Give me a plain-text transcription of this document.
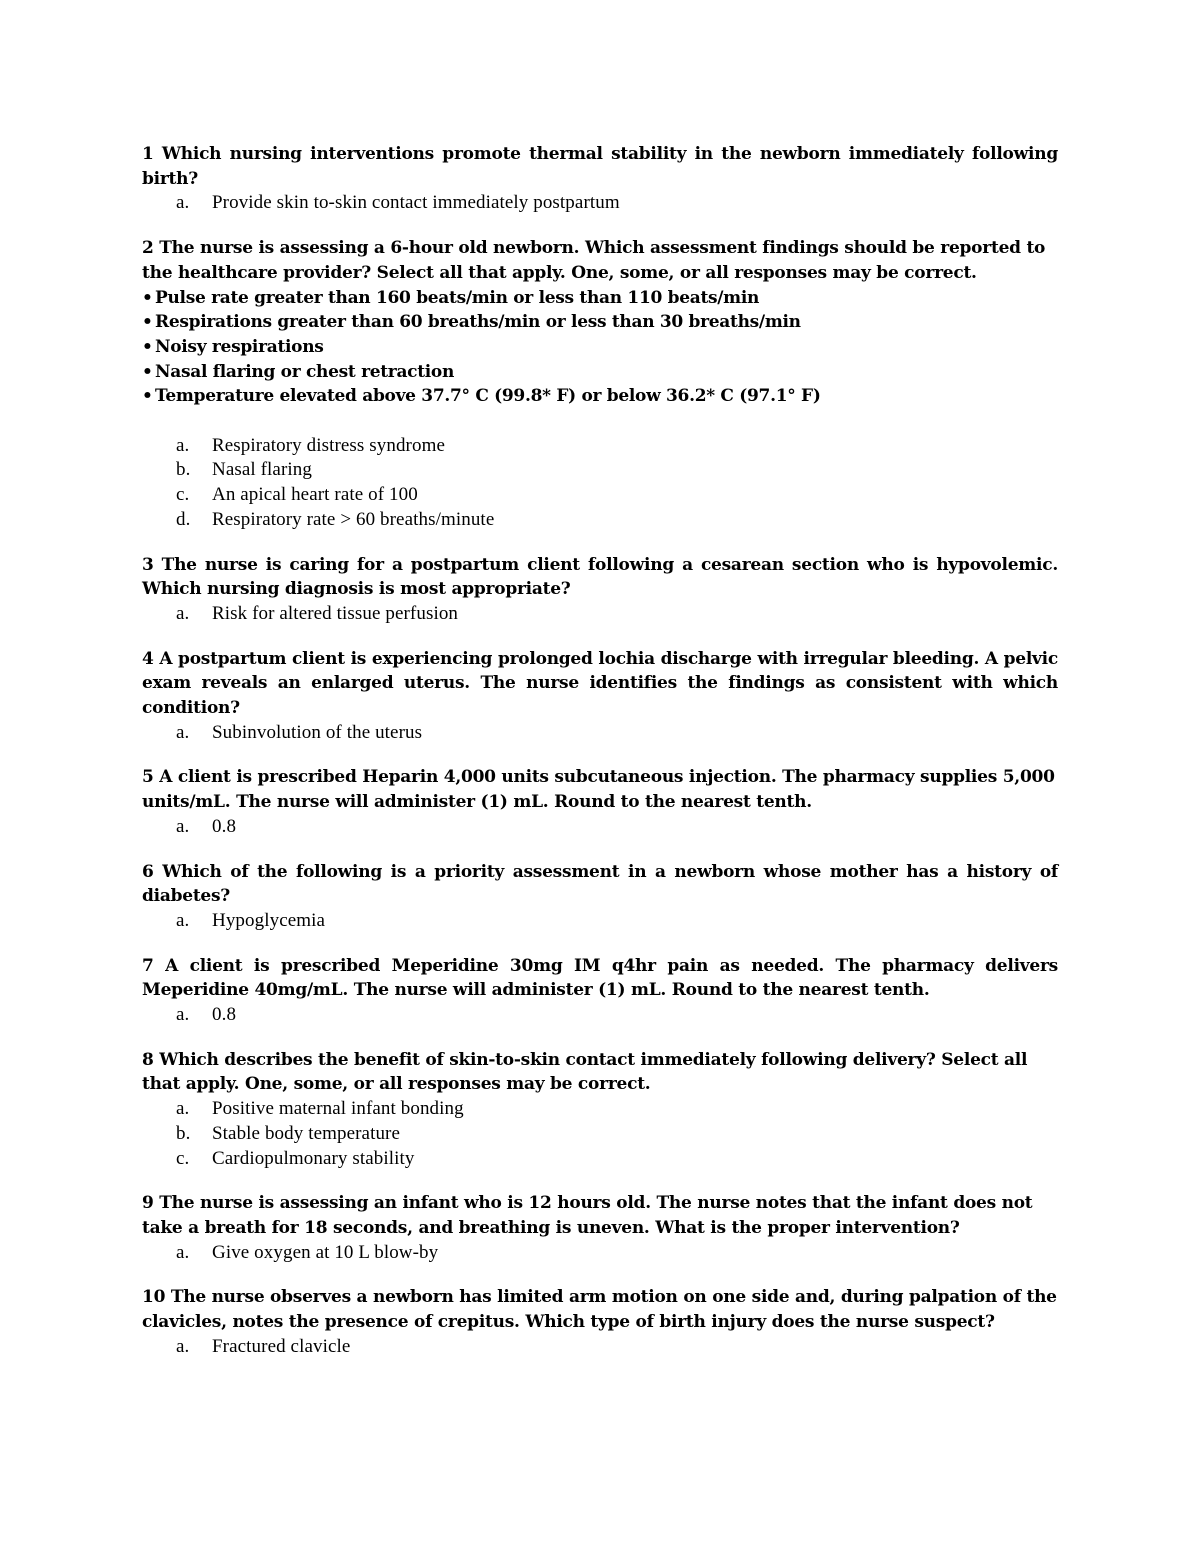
1 Which nursing interventions promote thermal stability in the newborn immediately following birth?

a. Provide skin to-skin contact immediately postpartum

2 The nurse is assessing a 6-hour old newborn. Which assessment findings should be reported to the healthcare provider? Select all that apply. One, some, or all responses may be correct.

• Pulse rate greater than 160 beats/min or less than 110 beats/min
• Respirations greater than 60 breaths/min or less than 30 breaths/min
• Noisy respirations
• Nasal flaring or chest retraction
• Temperature elevated above 37.7° C (99.8* F) or below 36.2* C (97.1° F)
a. Respiratory distress syndrome
b. Nasal flaring
c. An apical heart rate of 100
d. Respiratory rate > 60 breaths/minute

3 The nurse is caring for a postpartum client following a cesarean section who is hypovolemic. Which nursing diagnosis is most appropriate?

a. Risk for altered tissue perfusion

4 A postpartum client is experiencing prolonged lochia discharge with irregular bleeding. A pelvic exam reveals an enlarged uterus. The nurse identifies the findings as consistent with which condition?

a. Subinvolution of the uterus

5 A client is prescribed Heparin 4,000 units subcutaneous injection. The pharmacy supplies 5,000 units/mL. The nurse will administer (1) mL. Round to the nearest tenth.

a. 0.8

6 Which of the following is a priority assessment in a newborn whose mother has a history of diabetes?

a. Hypoglycemia

7 A client is prescribed Meperidine 30mg IM q4hr pain as needed. The pharmacy delivers Meperidine 40mg/mL. The nurse will administer (1) mL. Round to the nearest tenth.

a. 0.8

8 Which describes the benefit of skin-to-skin contact immediately following delivery? Select all that apply. One, some, or all responses may be correct.

a. Positive maternal infant bonding
b. Stable body temperature
c. Cardiopulmonary stability

9 The nurse is assessing an infant who is 12 hours old. The nurse notes that the infant does not take a breath for 18 seconds, and breathing is uneven. What is the proper intervention?

a. Give oxygen at 10 L blow-by

10 The nurse observes a newborn has limited arm motion on one side and, during palpation of the clavicles, notes the presence of crepitus. Which type of birth injury does the nurse suspect?

a. Fractured clavicle
